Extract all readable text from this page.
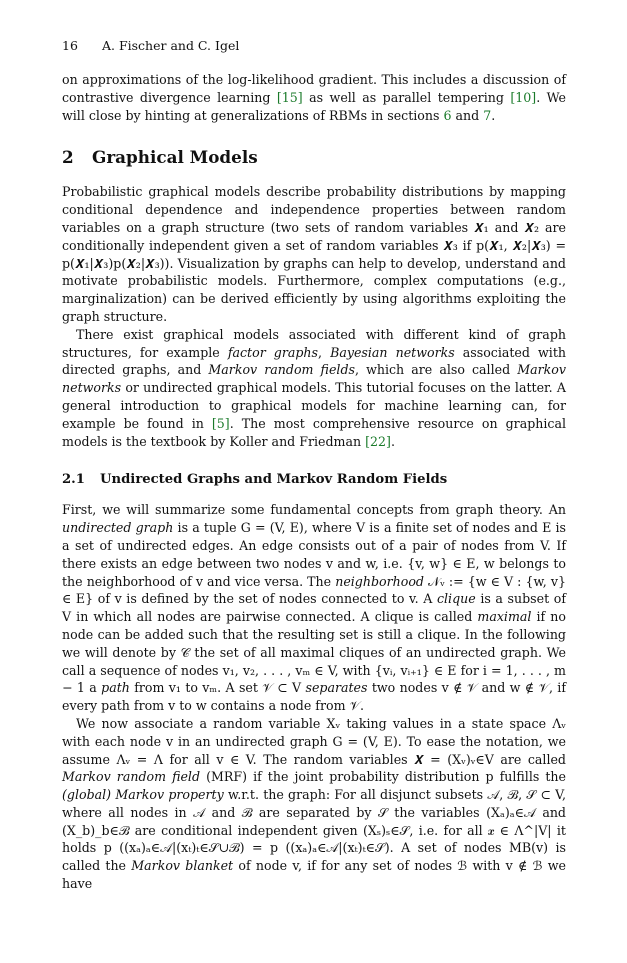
16 A. Fischer and C. Igel

on approximations of the log-likelihood gradient. This includes a discussion of contrastive divergence learning [15] as well as parallel tempering [10]. We will close by hinting at generalizations of RBMs in sections 6 and 7.

2 Graphical Models

Probabilistic graphical models describe probability distributions by mapping conditional dependence and independence properties between random variables on a graph structure (two sets of random variables 𝑿₁ and 𝑿₂ are conditionally independent given a set of random variables 𝑿₃ if p(𝑿₁, 𝑿₂|𝑿₃) = p(𝑿₁|𝑿₃)p(𝑿₂|𝑿₃)). Visualization by graphs can help to develop, understand and motivate probabilistic models. Furthermore, complex computations (e.g., marginalization) can be derived efficiently by using algorithms exploiting the graph structure.

There exist graphical models associated with different kind of graph structures, for example factor graphs, Bayesian networks associated with directed graphs, and Markov random fields, which are also called Markov networks or undirected graphical models. This tutorial focuses on the latter. A general introduction to graphical models for machine learning can, for example be found in [5]. The most comprehensive resource on graphical models is the textbook by Koller and Friedman [22].

2.1 Undirected Graphs and Markov Random Fields

First, we will summarize some fundamental concepts from graph theory. An undirected graph is a tuple G = (V, E), where V is a finite set of nodes and E is a set of undirected edges. An edge consists out of a pair of nodes from V. If there exists an edge between two nodes v and w, i.e. {v, w} ∈ E, w belongs to the neighborhood of v and vice versa. The neighborhood 𝒩ᵥ := {w ∈ V : {w, v} ∈ E} of v is defined by the set of nodes connected to v. A clique is a subset of V in which all nodes are pairwise connected. A clique is called maximal if no node can be added such that the resulting set is still a clique. In the following we will denote by 𝒞 the set of all maximal cliques of an undirected graph. We call a sequence of nodes v₁, v₂, . . . , vₘ ∈ V, with {vᵢ, vᵢ₊₁} ∈ E for i = 1, . . . , m − 1 a path from v₁ to vₘ. A set 𝒱 ⊂ V separates two nodes v ∉ 𝒱 and w ∉ 𝒱, if every path from v to w contains a node from 𝒱.

We now associate a random variable Xᵥ taking values in a state space Λᵥ with each node v in an undirected graph G = (V, E). To ease the notation, we assume Λᵥ = Λ for all v ∈ V. The random variables 𝑿 = (Xᵥ)ᵥ∈V are called Markov random field (MRF) if the joint probability distribution p fulfills the (global) Markov property w.r.t. the graph: For all disjunct subsets 𝒜, ℬ, 𝒮 ⊂ V, where all nodes in 𝒜 and ℬ are separated by 𝒮 the variables (Xₐ)ₐ∈𝒜 and (X_b)_b∈ℬ are conditional independent given (Xₛ)ₛ∈𝒮, i.e. for all 𝒙 ∈ Λ^|V| it holds p ((xₐ)ₐ∈𝒜|(xₜ)ₜ∈𝒮∪ℬ) = p ((xₐ)ₐ∈𝒜|(xₜ)ₜ∈𝒮). A set of nodes MB(v) is called the Markov blanket of node v, if for any set of nodes ℬ with v ∉ ℬ we have
